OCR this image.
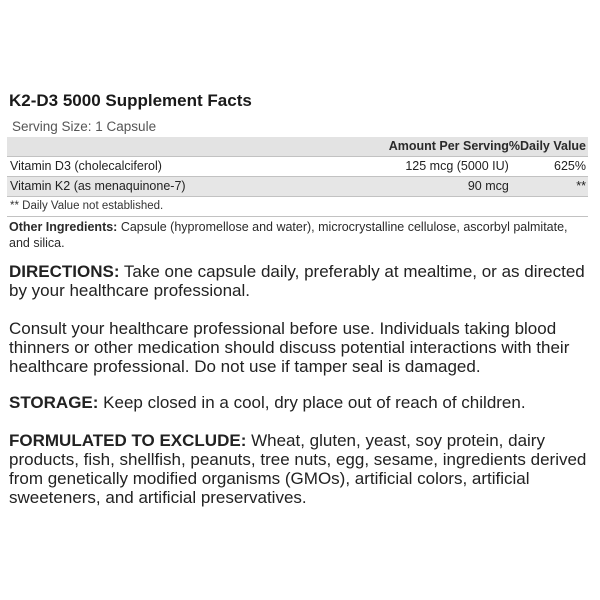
K2-D3 5000 Supplement Facts
Serving Size: 1 Capsule
	Amount Per Serving	%Daily Value
Vitamin D3 (cholecalciferol)	125 mcg (5000 IU)	625%
Vitamin K2 (as menaquinone-7)	90 mcg	**
** Daily Value not established.		
Other Ingredients: Capsule (hypromellose and water), microcrystalline cellulose, ascorbyl palmitate, and silica.
DIRECTIONS: Take one capsule daily, preferably at mealtime, or as directed by your healthcare professional.
Consult your healthcare professional before use. Individuals taking blood thinners or other medication should discuss potential interactions with their healthcare professional. Do not use if tamper seal is damaged.
STORAGE: Keep closed in a cool, dry place out of reach of children.
FORMULATED TO EXCLUDE: Wheat, gluten, yeast, soy protein, dairy products, fish, shellfish, peanuts, tree nuts, egg, sesame, ingredients derived from genetically modified organisms (GMOs), artificial colors, artificial sweeteners, and artificial preservatives.
